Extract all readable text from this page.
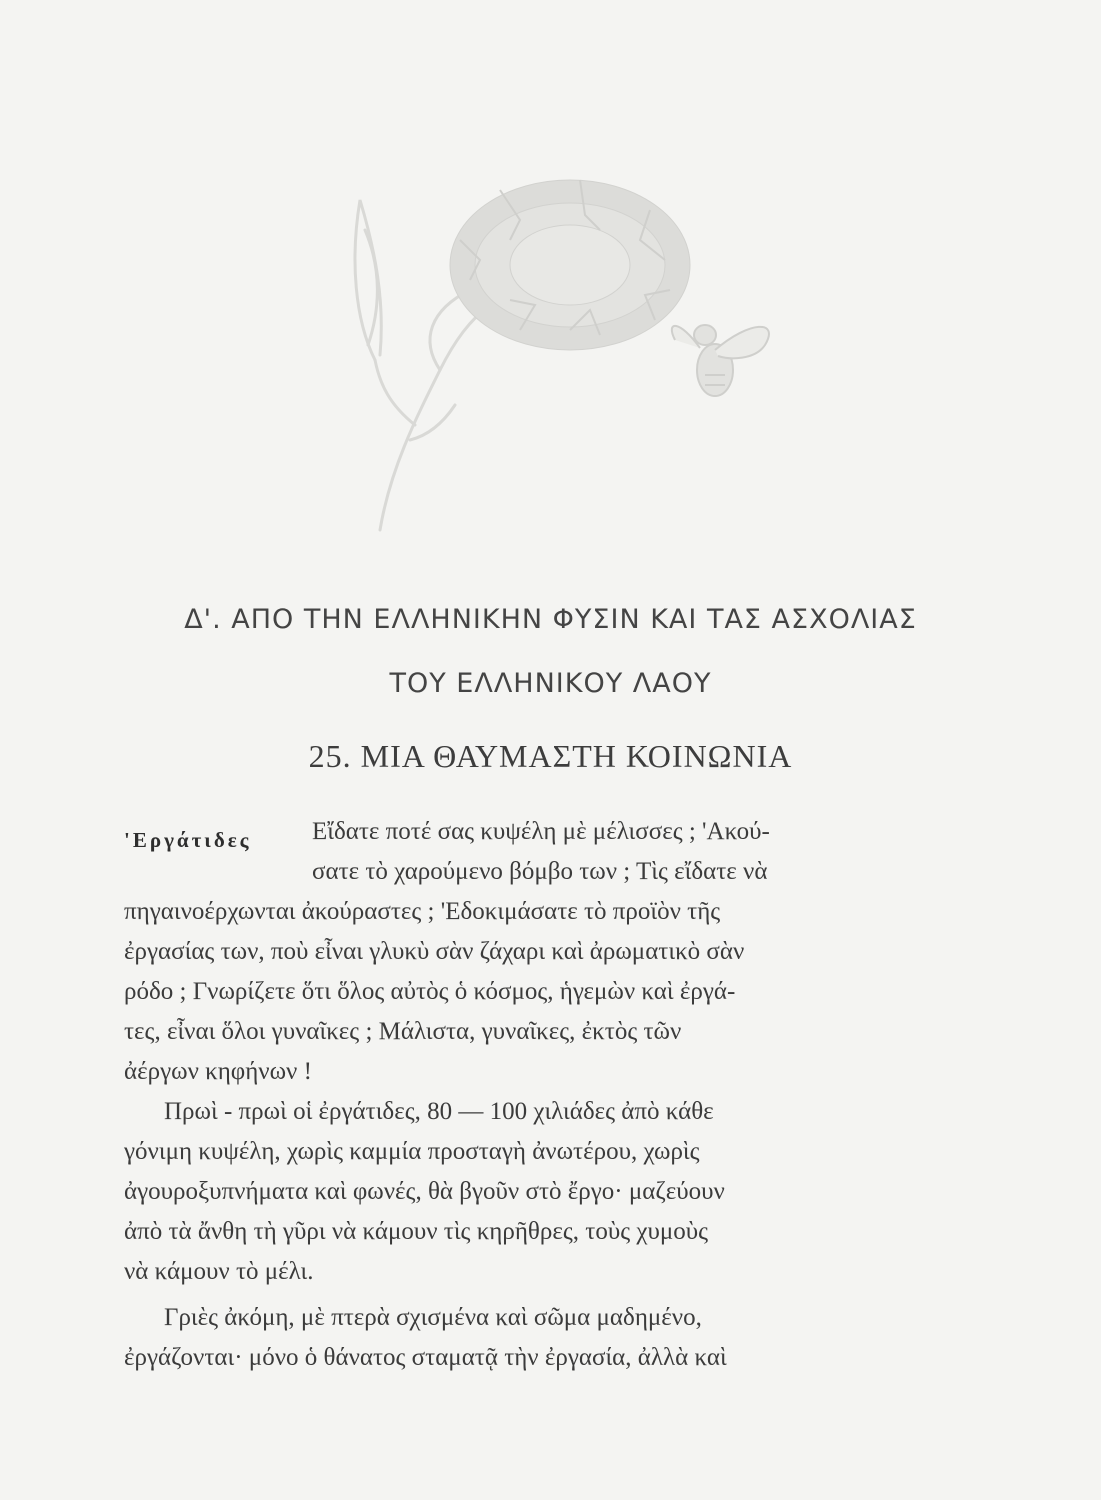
Δ'. ΑΠΟ ΤΗΝ ΕΛΛΗΝΙΚΗΝ ΦΥΣΙΝ ΚΑΙ ΤΑΣ ΑΣΧΟΛΙΑΣ
ΤΟΥ ΕΛΛΗΝΙΚΟΥ ΛΑΟΥ
25. ΜΙΑ ΘΑΥΜΑΣΤΗ ΚΟΙΝΩΝΙΑ
'Εργάτιδες Εἴδατε ποτέ σας κυψέλη μὲ μέλισσες ; 'Ακού-

σατε τὸ χαρούμενο βόμβο των ; Τὶς εἴδατε νὰ

πηγαινοέρχωνται ἀκούραστες ; 'Εδοκιμάσατε τὸ προϊὸν τῆς

ἐργασίας των, ποὺ εἶναι γλυκὺ σὰν ζάχαρι καὶ ἀρωματικὸ σὰν

ρόδο ; Γνωρίζετε ὅτι ὅλος αὐτὸς ὁ κόσμος, ἡγεμὼν καὶ ἐργά-

τες, εἶναι ὅλοι γυναῖκες ; Μάλιστα, γυναῖκες, ἐκτὸς τῶν

ἀέργων κηφήνων !

Πρωὶ - πρωὶ οἱ ἐργάτιδες, 80 — 100 χιλιάδες ἀπὸ κάθε

γόνιμη κυψέλη, χωρὶς καμμία προσταγὴ ἀνωτέρου, χωρὶς

ἀγουροξυπνήματα καὶ φωνές, θὰ βγοῦν στὸ ἔργο· μαζεύουν

ἀπὸ τὰ ἄνθη τὴ γῦρι νὰ κάμουν τὶς κηρῆθρες, τοὺς χυμοὺς

νὰ κάμουν τὸ μέλι.

Γριὲς ἀκόμη, μὲ πτερὰ σχισμένα καὶ σῶμα μαδημένο,

ἐργάζονται· μόνο ὁ θάνατος σταματᾷ τὴν ἐργασία, ἀλλὰ καὶ
